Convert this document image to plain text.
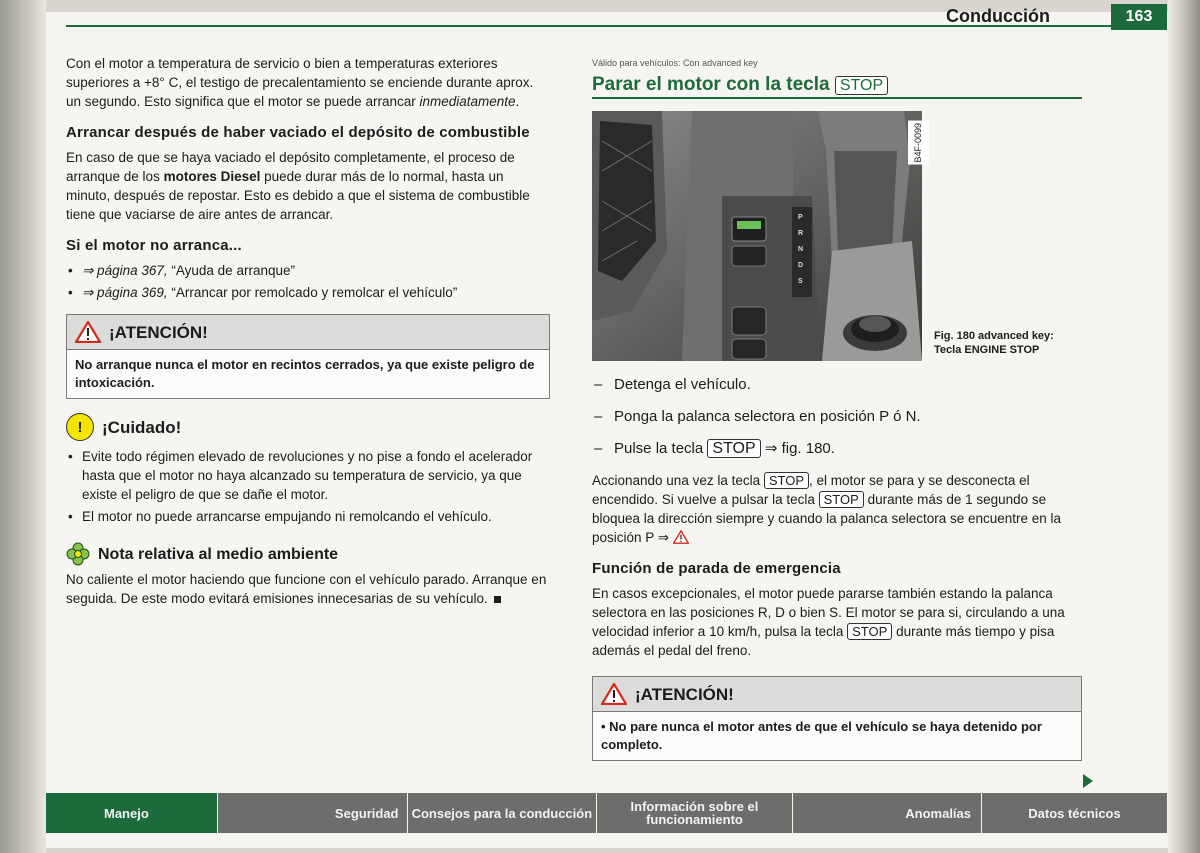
Conducción	163

Con el motor a temperatura de servicio o bien a temperaturas exteriores superiores a +8° C, el testigo de precalentamiento se enciende durante aprox. un segundo. Esto significa que el motor se puede arrancar inmediatamente.

Arrancar después de haber vaciado el depósito de combustible

En caso de que se haya vaciado el depósito completamente, el proceso de arranque de los motores Diesel puede durar más de lo normal, hasta un minuto, después de repostar. Esto es debido a que el sistema de combustible tiene que vaciarse de aire antes de arrancar.

Si el motor no arranca...
• ⇒ página 367, “Ayuda de arranque”
• ⇒ página 369, “Arrancar por remolcado y remolcar el vehículo”
¡ATENCIÓN!
No arranque nunca el motor en recintos cerrados, ya que existe peligro de intoxicación.
!	¡Cuidado!
• Evite todo régimen elevado de revoluciones y no pise a fondo el acelerador hasta que el motor no haya alcanzado su temperatura de servicio, ya que existe el peligro de que se dañe el motor.
• El motor no puede arrancarse empujando ni remolcando el vehículo.
Nota relativa al medio ambiente

No caliente el motor haciendo que funcione con el vehículo parado. Arranque en seguida. De este modo evitará emisiones innecesarias de su vehículo.

Válido para vehículos: Con advanced key
Parar el motor con la tecla STOP
P
R
N
D
S
B4F-0099
Fig. 180 advanced key:
Tecla ENGINE STOP
– Detenga el vehículo.
– Ponga la palanca selectora en posición P ó N.
– Pulse la tecla STOP ⇒ fig. 180.

Accionando una vez la tecla STOP , el motor se para y se desconecta el encendido. Si vuelve a pulsar la tecla STOP durante más de 1 segundo se bloquea la dirección siempre y cuando la palanca selectora se encuentre en la posición P ⇒

Función de parada de emergencia

En casos excepcionales, el motor puede pararse también estando la palanca selectora en las posiciones R, D o bien S. El motor se para si, circulando a una velocidad inferior a 10 km/h, pulsa la tecla STOP durante más tiempo y pisa además el pedal del freno.

¡ATENCIÓN!
• No pare nunca el motor antes de que el vehículo se haya detenido por completo.
Manejo	Seguridad	Consejos para la conducción	Información sobre el funcionamiento	Anomalías	Datos técnicos
